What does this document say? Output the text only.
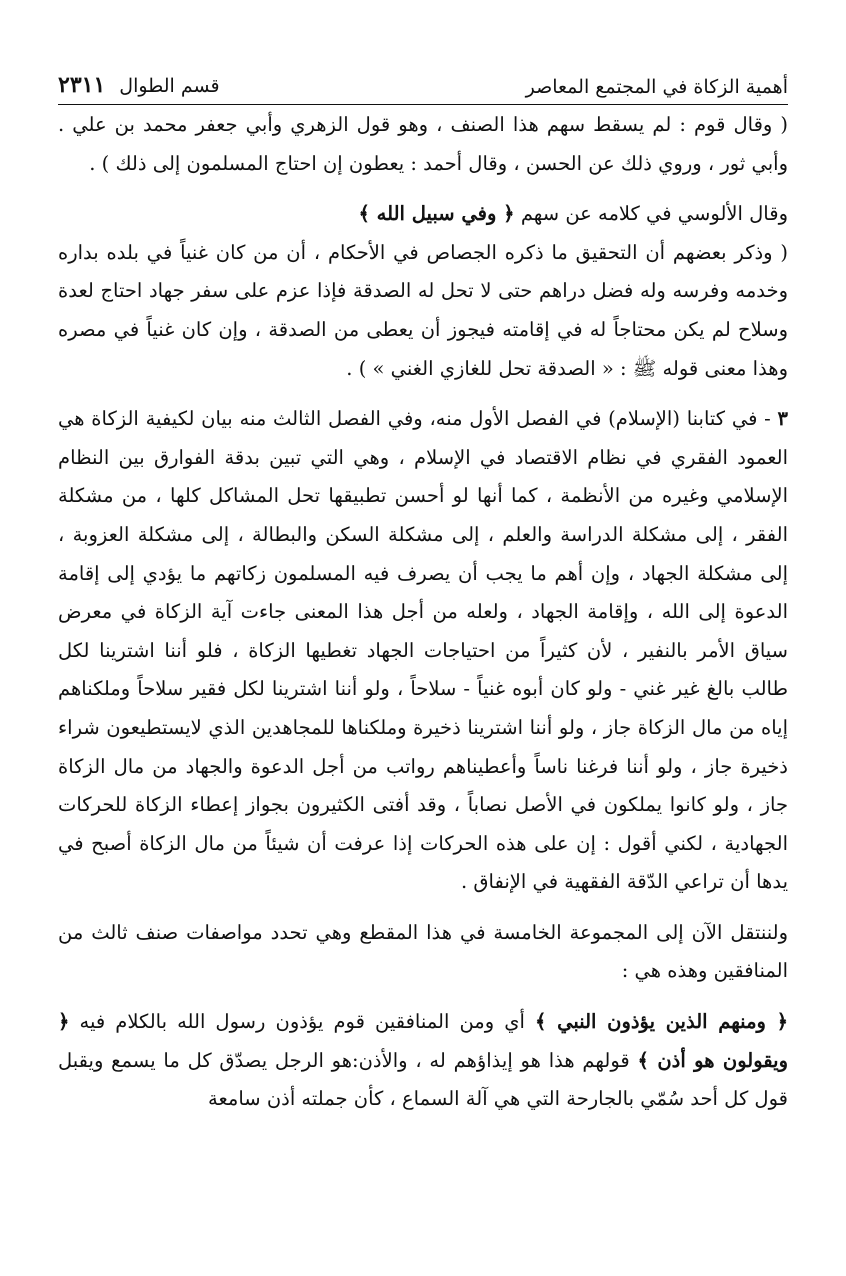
أهمية الزكاة في المجتمع المعاصر
قسم الطوال
٢٣١١

( وقال قوم : لم يسقط سهم هذا الصنف ، وهو قول الزهري وأبي جعفر محمد بن علي . وأبي ثور ، وروي ذلك عن الحسن ، وقال أحمد : يعطون إن احتاج المسلمون إلى ذلك ) .

وقال الألوسي في كلامه عن سهم ﴿ وفي سبيل الله ﴾

( وذكر بعضهم أن التحقيق ما ذكره الجصاص في الأحكام ، أن من كان غنياً في بلده بداره وخدمه وفرسه وله فضل دراهم حتى لا تحل له الصدقة فإذا عزم على سفر جهاد احتاج لعدة وسلاح لم يكن محتاجاً له في إقامته فيجوز أن يعطى من الصدقة ، وإن كان غنياً في مصره وهذا معنى قوله ﷺ : « الصدقة تحل للغازي الغني » ) .

٣ - في كتابنا (الإسلام) في الفصل الأول منه، وفي الفصل الثالث منه بيان لكيفية الزكاة هي العمود الفقري في نظام الاقتصاد في الإسلام ، وهي التي تبين بدقة الفوارق بين النظام الإسلامي وغيره من الأنظمة ، كما أنها لو أحسن تطبيقها تحل المشاكل كلها ، من مشكلة الفقر ، إلى مشكلة الدراسة والعلم ، إلى مشكلة السكن والبطالة ، إلى مشكلة العزوبة ، إلى مشكلة الجهاد ، وإن أهم ما يجب أن يصرف فيه المسلمون زكاتهم ما يؤدي إلى إقامة الدعوة إلى الله ، وإقامة الجهاد ، ولعله من أجل هذا المعنى جاءت آية الزكاة في معرض سياق الأمر بالنفير ، لأن كثيراً من احتياجات الجهاد تغطيها الزكاة ، فلو أننا اشترينا لكل طالب بالغ غير غني - ولو كان أبوه غنياً - سلاحاً ، ولو أننا اشترينا لكل فقير سلاحاً وملكناهم إياه من مال الزكاة جاز ، ولو أننا اشترينا ذخيرة وملكناها للمجاهدين الذي لايستطيعون شراء ذخيرة جاز ، ولو أننا فرغنا ناساً وأعطيناهم رواتب من أجل الدعوة والجهاد من مال الزكاة جاز ، ولو كانوا يملكون في الأصل نصاباً ، وقد أفتى الكثيرون بجواز إعطاء الزكاة للحركات الجهادية ، لكني أقول : إن على هذه الحركات إذا عرفت أن شيئاً من مال الزكاة أصبح في يدها أن تراعي الدّقة الفقهية في الإنفاق .

ولننتقل الآن إلى المجموعة الخامسة في هذا المقطع وهي تحدد مواصفات صنف ثالث من المنافقين وهذه هي :

﴿ ومنهم الذين يؤذون النبي ﴾ أي ومن المنافقين قوم يؤذون رسول الله بالكلام فيه ﴿ ويقولون هو أذن ﴾ قولهم هذا هو إيذاؤهم له ، والأذن:هو الرجل يصدّق كل ما يسمع ويقبل قول كل أحد سُمّي بالجارحة التي هي آلة السماع ، كأن جملته أذن سامعة
